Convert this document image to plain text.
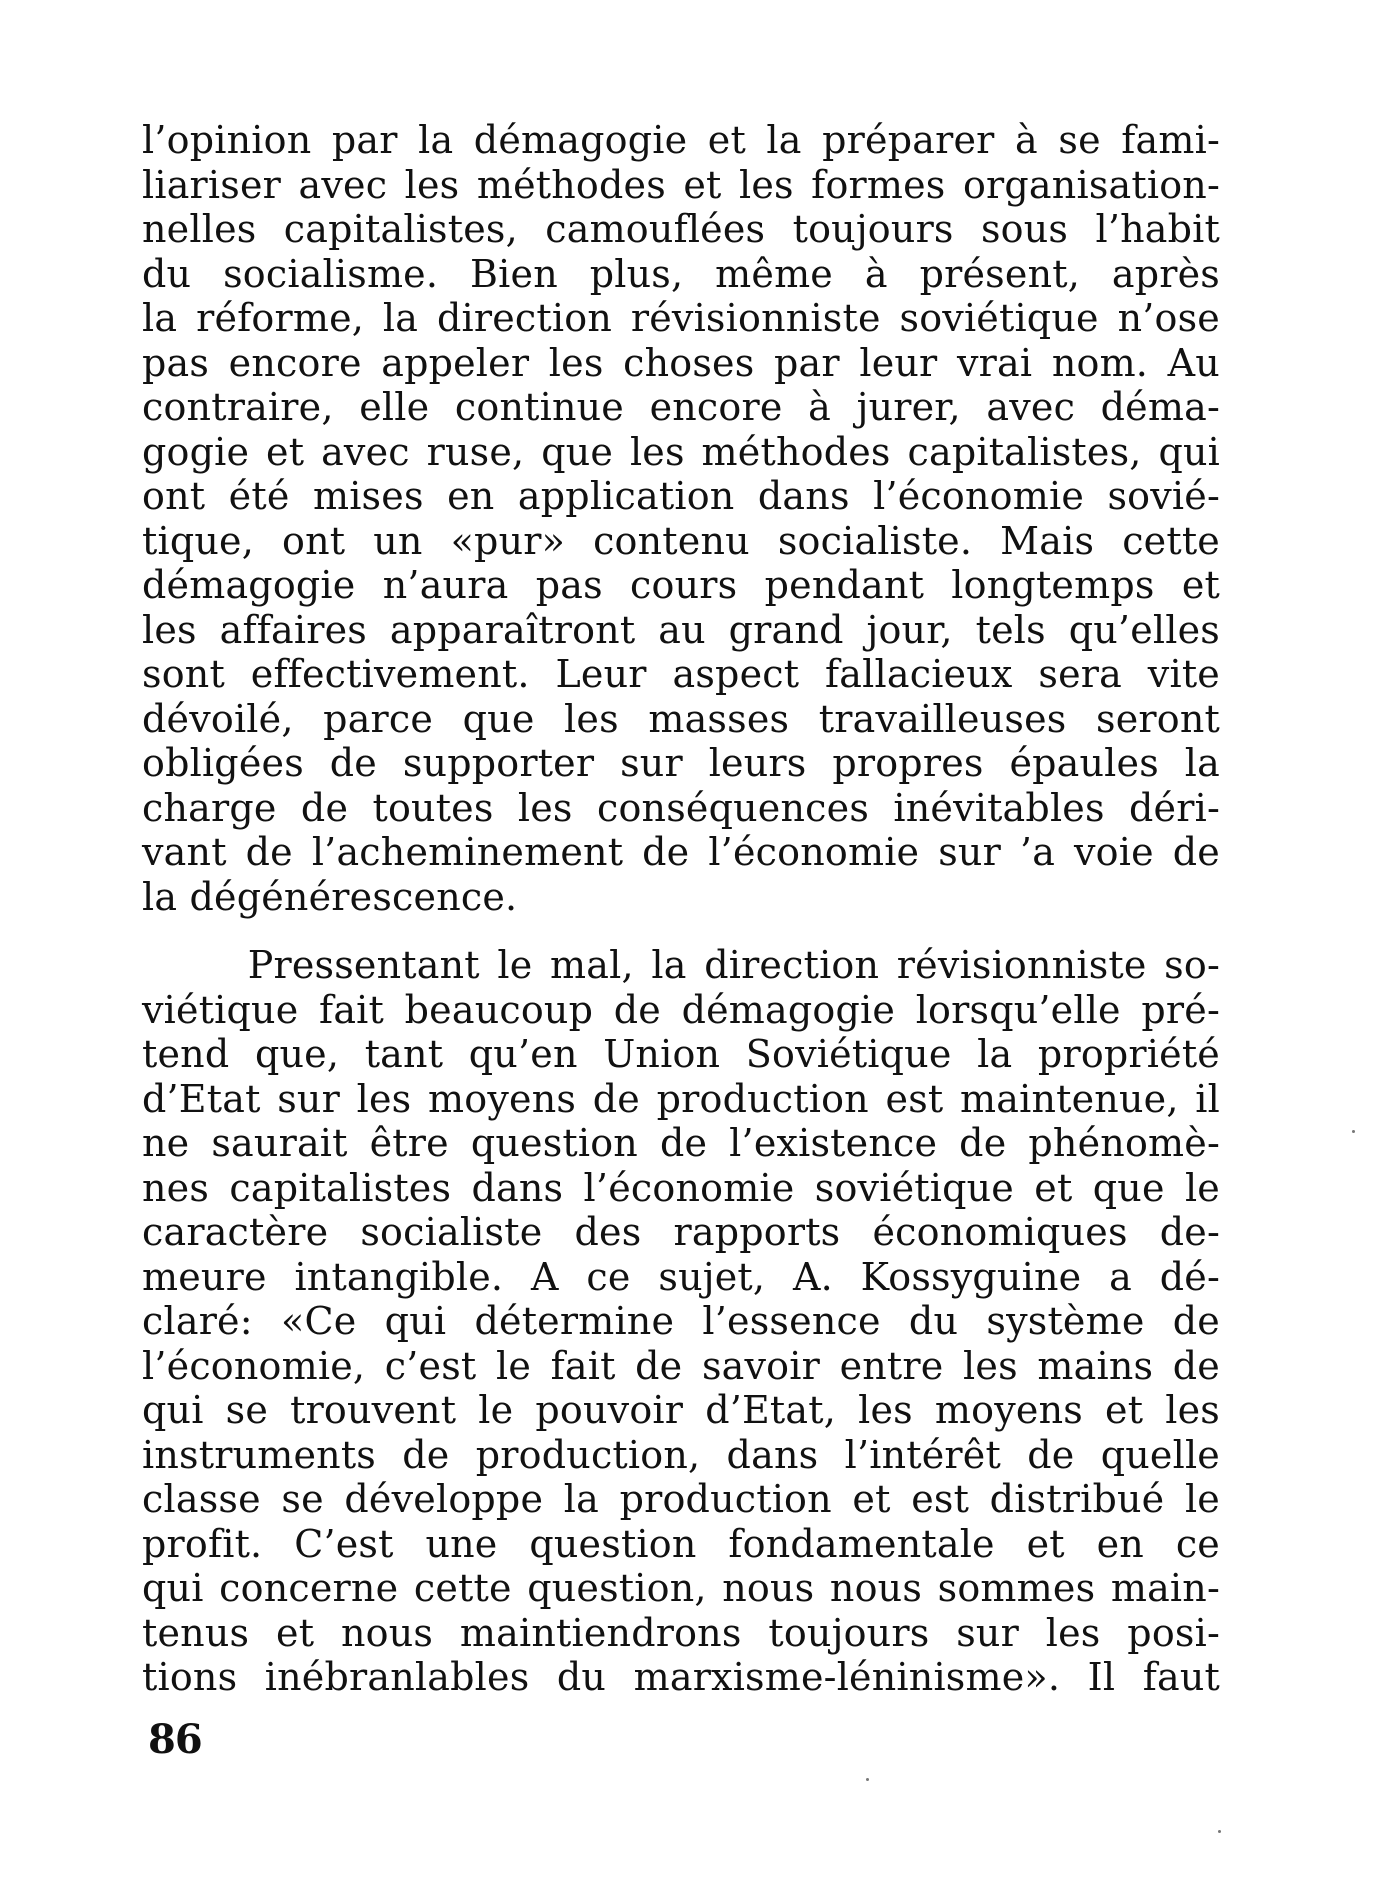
l’opinion par la démagogie et la préparer à se fami-
liariser avec les méthodes et les formes organisation-
nelles capitalistes, camouflées toujours sous l’habit
du socialisme. Bien plus, même à présent, après
la réforme, la direction révisionniste soviétique n’ose
pas encore appeler les choses par leur vrai nom. Au
contraire, elle continue encore à jurer, avec déma-
gogie et avec ruse, que les méthodes capitalistes, qui
ont été mises en application dans l’économie sovié-
tique, ont un «pur» contenu socialiste. Mais cette
démagogie n’aura pas cours pendant longtemps et
les affaires apparaîtront au grand jour, tels qu’elles
sont effectivement. Leur aspect fallacieux sera vite
dévoilé, parce que les masses travailleuses seront
obligées de supporter sur leurs propres épaules la
charge de toutes les conséquences inévitables déri-
vant de l’acheminement de l’économie sur ’a voie de
la dégénérescence.
Pressentant le mal, la direction révisionniste so-
viétique fait beaucoup de démagogie lorsqu’elle pré-
tend que, tant qu’en Union Soviétique la propriété
d’Etat sur les moyens de production est maintenue, il
ne saurait être question de l’existence de phénomè-
nes capitalistes dans l’économie soviétique et que le
caractère socialiste des rapports économiques de-
meure intangible. A ce sujet, A. Kossyguine a dé-
claré: «Ce qui détermine l’essence du système de
l’économie, c’est le fait de savoir entre les mains de
qui se trouvent le pouvoir d’Etat, les moyens et les
instruments de production, dans l’intérêt de quelle
classe se développe la production et est distribué le
profit. C’est une question fondamentale et en ce
qui concerne cette question, nous nous sommes main-
tenus et nous maintiendrons toujours sur les posi-
tions inébranlables du marxisme-léninisme». Il faut
86
